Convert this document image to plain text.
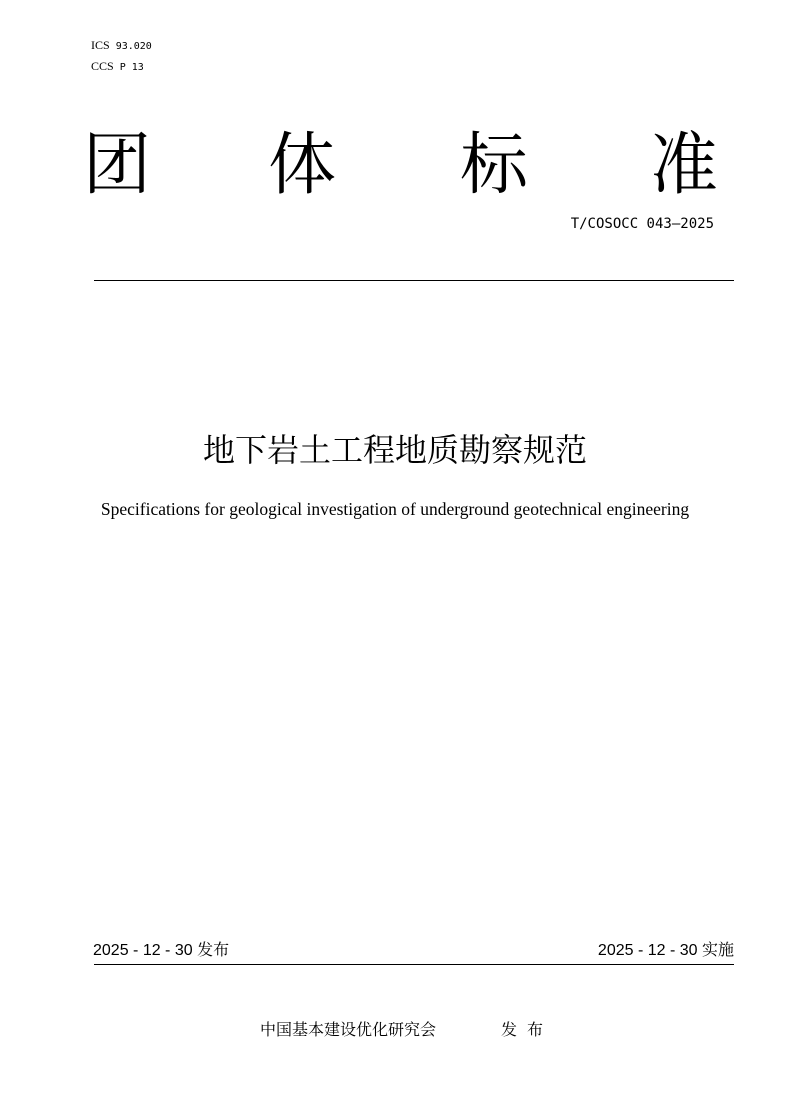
ICS 93.020
CCS P 13
团 体 标 准
T/COSOCC 043—2025
地下岩土工程地质勘察规范
Specifications for geological investigation of underground geotechnical engineering
2025 - 12 - 30 发布	2025 - 12 - 30 实施
中国基本建设优化研究会	发布
